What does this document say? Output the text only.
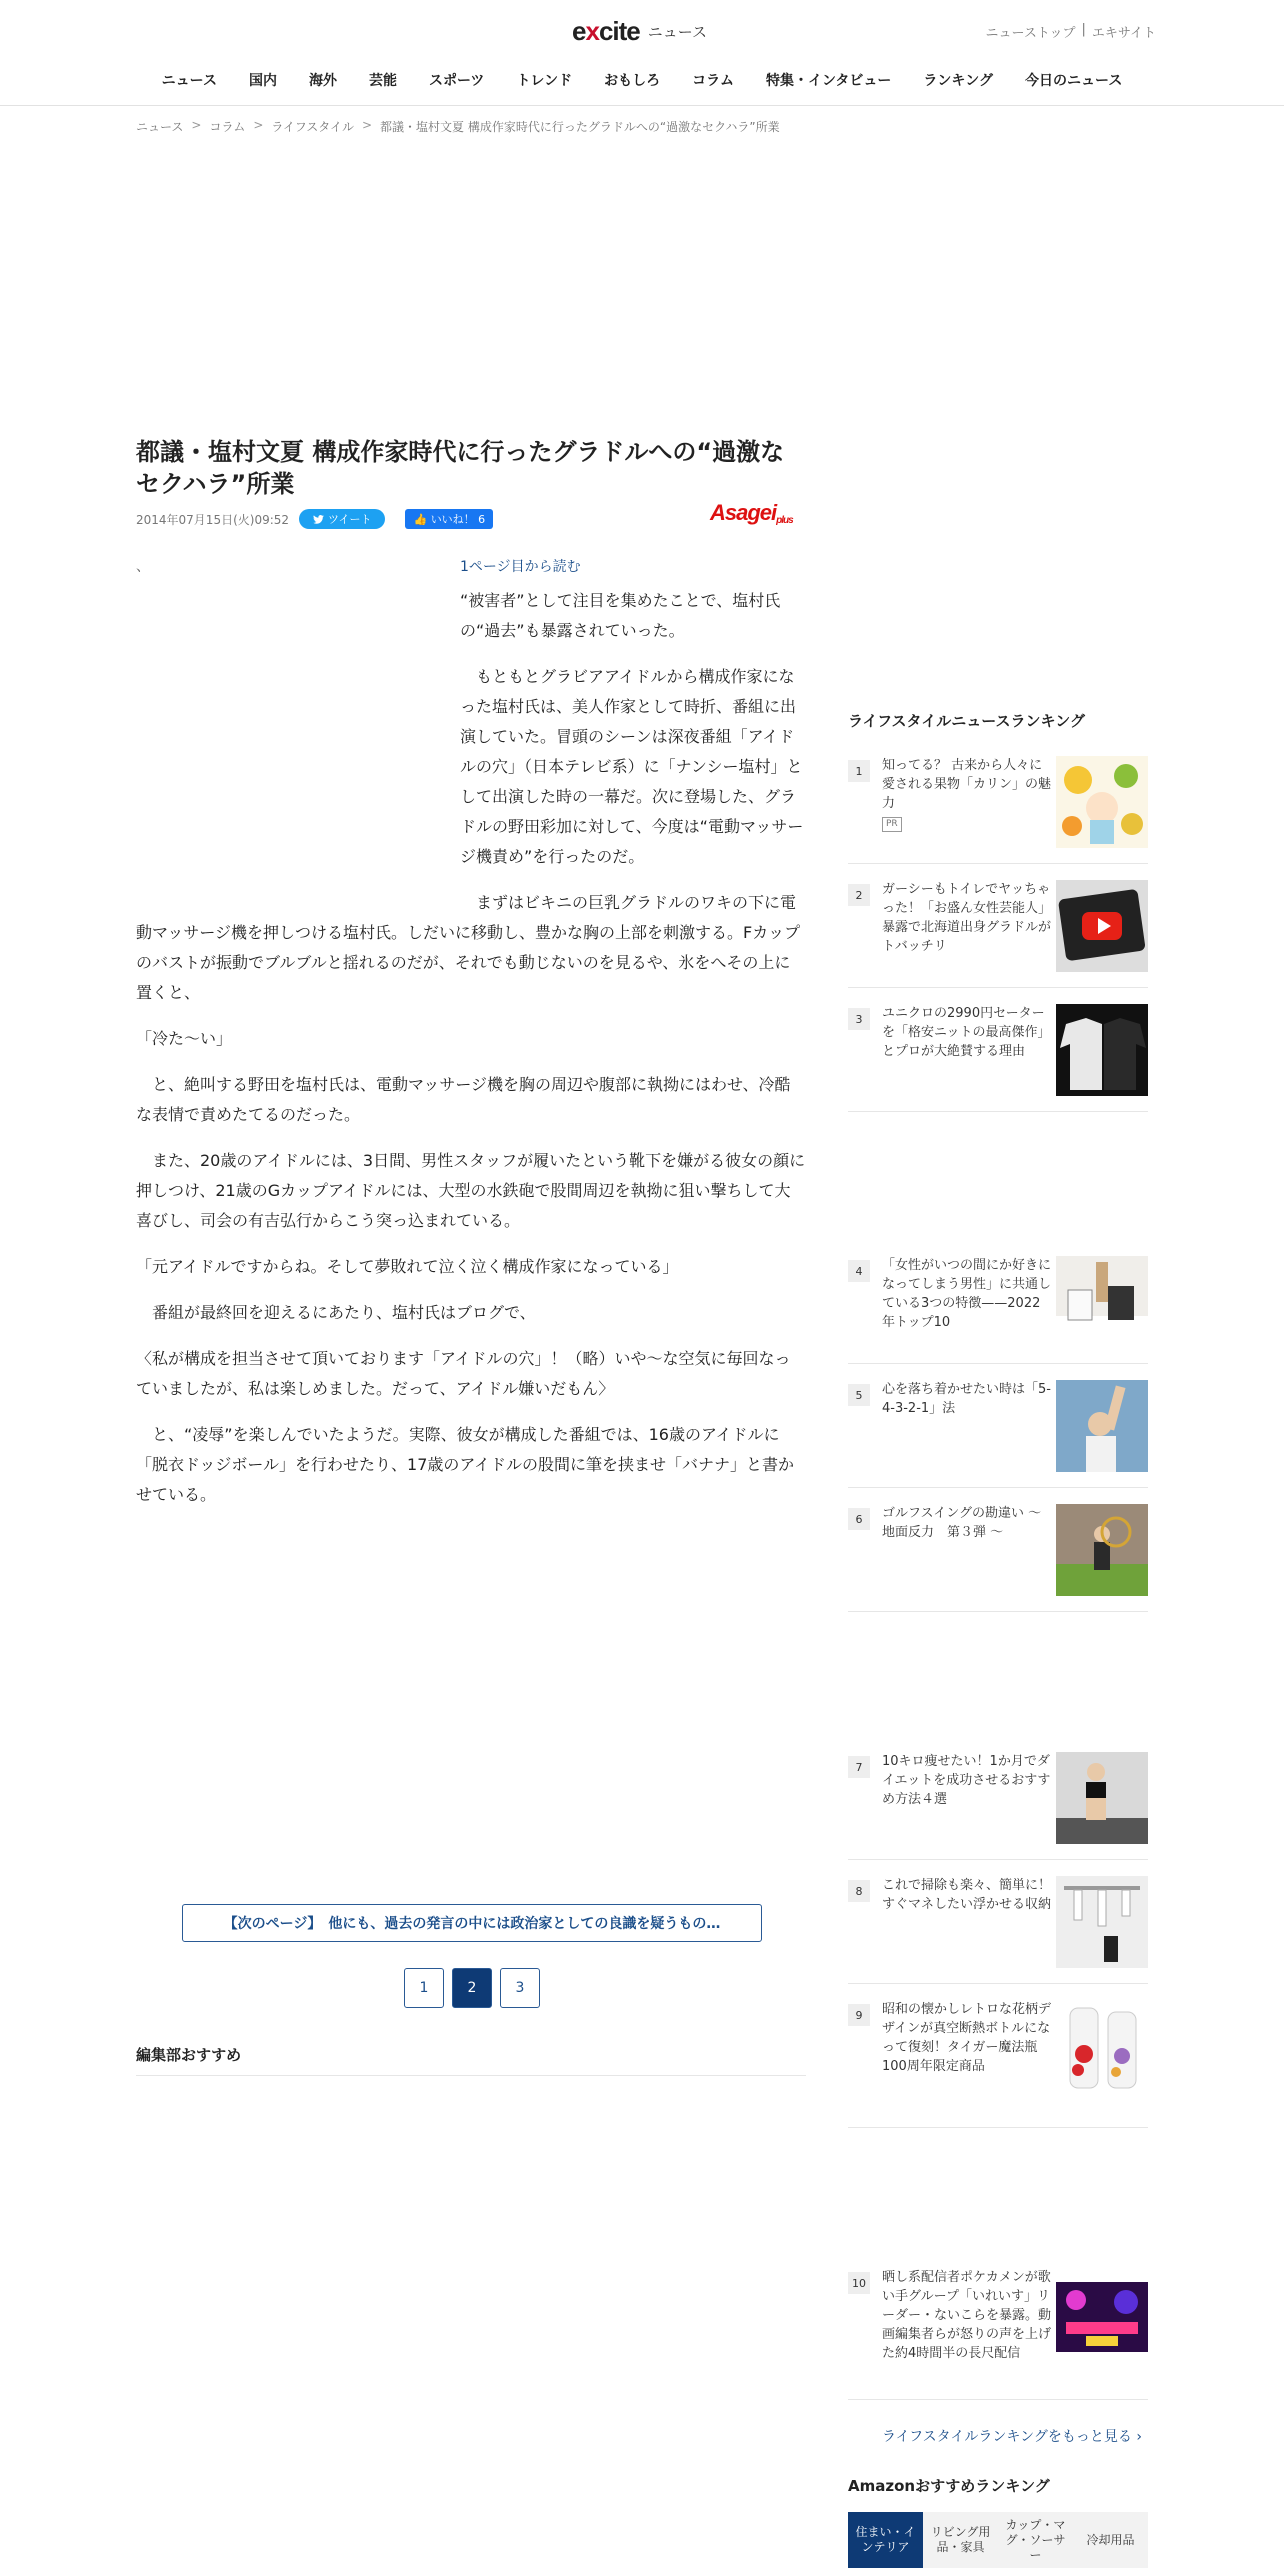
excite ニュース	ニューストップ | エキサイト
ニュース	国内	海外	芸能	スポーツ	トレンド	おもしろ	コラム	特集・インタビュー	ランキング	今日のニュース
ニュース > コラム > ライフスタイル > 都議・塩村文夏 構成作家時代に行ったグラドルへの“過激なセクハラ”所業
都議・塩村文夏 構成作家時代に行ったグラドルへの“過激なセクハラ”所業
2014年07月15日(火)09:52	ツイート	👍 いいね！ 6	Asageiplus
、	1ページ目から読む

“被害者”として注目を集めたことで、塩村氏の“過去”も暴露されていった。

　もともとグラビアアイドルから構成作家になった塩村氏は、美人作家として時折、番組に出演していた。冒頭のシーンは深夜番組「アイドルの穴」（日本テレビ系）に「ナンシー塩村」として出演した時の一幕だ。次に登場した、グラドルの野田彩加に対して、今度は“電動マッサージ機責め”を行ったのだ。

　まずはビキニの巨乳グラドルのワキの下に電動マッサージ機を押しつける塩村氏。しだいに移動し、豊かな胸の上部を刺激する。Fカップのバストが振動でブルブルと揺れるのだが、それでも動じないのを見るや、氷をへその上に置くと、

「冷た～い」

　と、絶叫する野田を塩村氏は、電動マッサージ機を胸の周辺や腹部に執拗にはわせ、冷酷な表情で責めたてるのだった。

　また、20歳のアイドルには、3日間、男性スタッフが履いたという靴下を嫌がる彼女の顔に押しつけ、21歳のGカップアイドルには、大型の水鉄砲で股間周辺を執拗に狙い撃ちして大喜びし、司会の有吉弘行からこう突っ込まれている。

「元アイドルですからね。そして夢敗れて泣く泣く構成作家になっている」

　番組が最終回を迎えるにあたり、塩村氏はブログで、

〈私が構成を担当させて頂いております「アイドルの穴」！（略）いや～な空気に毎回なっていましたが、私は楽しめました。だって、アイドル嫌いだもん〉

　と、“凌辱”を楽しんでいたようだ。実際、彼女が構成した番組では、16歳のアイドルに「脱衣ドッジボール」を行わせたり、17歳のアイドルの股間に筆を挟ませ「バナナ」と書かせている。

【次のページ】　他にも、過去の発言の中には政治家としての良識を疑うもの…
1	2	3
編集部おすすめ
ライフスタイルニュースランキング
1	知ってる？ 古来から人々に愛される果物「カリン」の魅力
PR
2	ガーシーもトイレでヤッちゃった！「お盛ん女性芸能人」暴露で北海道出身グラドルがトバッチリ
3	ユニクロの2990円セーターを「格安ニットの最高傑作」とプロが大絶賛する理由
4	「女性がいつの間にか好きになってしまう男性」に共通している3つの特徴——2022年トップ10
5	心を落ち着かせたい時は「5-4-3-2-1」法
6	ゴルフスイングの勘違い ～ 地面反力　第３弾 ～
7	10キロ痩せたい！1か月でダイエットを成功させるおすすめ方法４選
8	これで掃除も楽々、簡単に！すぐマネしたい浮かせる収納
9	昭和の懐かしレトロな花柄デザインが真空断熱ボトルになって復刻！タイガー魔法瓶100周年限定商品
10	晒し系配信者ポケカメンが歌い手グループ「いれいす」リーダー・ないこらを暴露。動画編集者らが怒りの声を上げた約4時間半の長尺配信
ライフスタイルランキングをもっと見る ›
Amazonおすすめランキング
住まい・インテリア
リビング用品・家具
カップ・マグ・ソーサー
冷却用品
